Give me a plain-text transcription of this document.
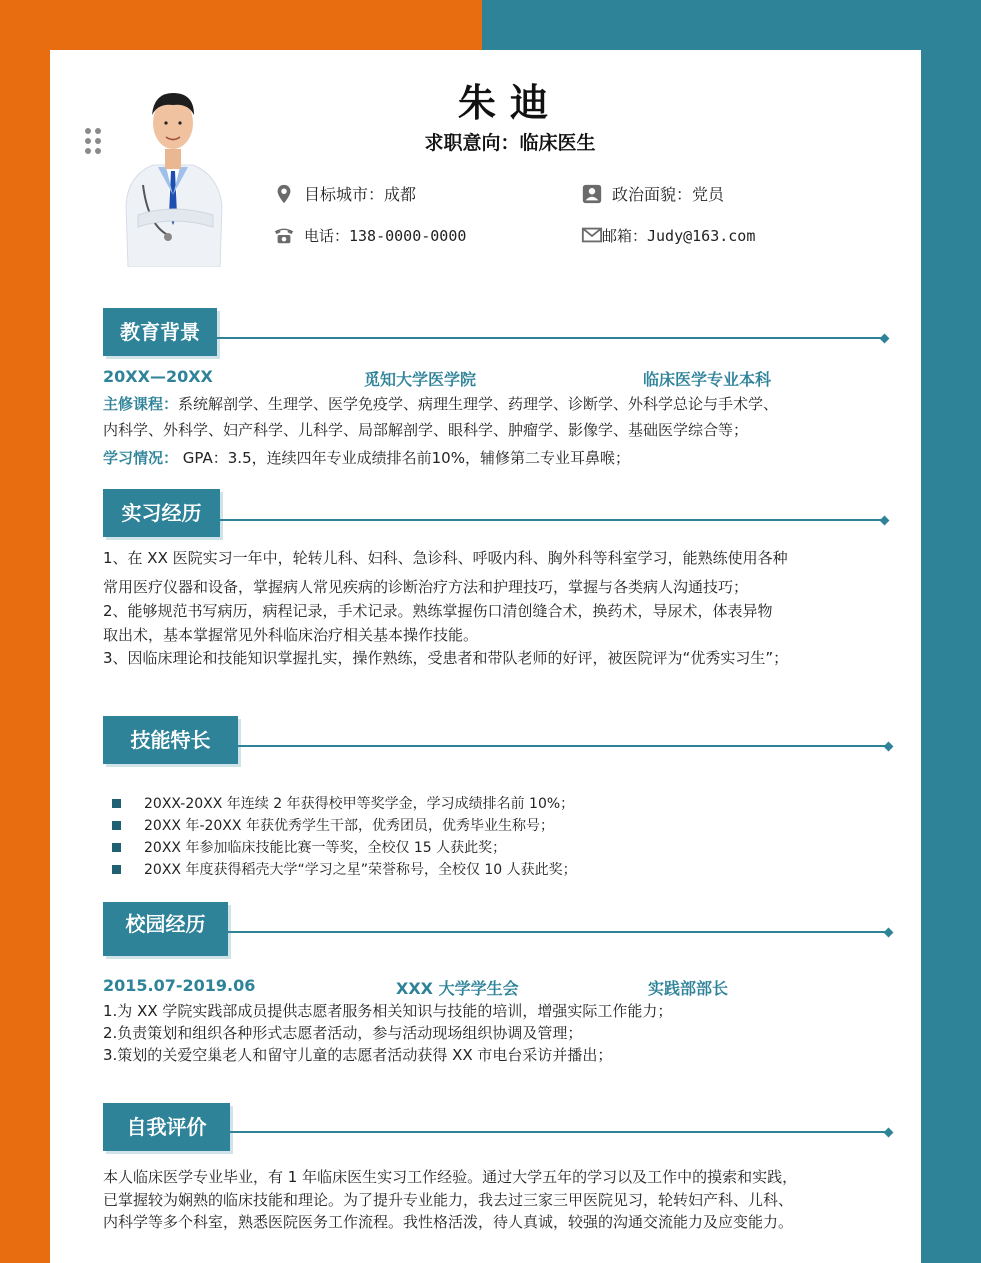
朱迪
求职意向：临床医生
目标城市：成都	政治面貌：党员
电话：138-0000-0000	邮箱：Judy@163.com
教育背景
20XX—20XX	觅知大学医学院	临床医学专业本科
主修课程：系统解剖学、生理学、医学免疫学、病理生理学、药理学、诊断学、外科学总论与手术学、
内科学、外科学、妇产科学、儿科学、局部解剖学、眼科学、肿瘤学、影像学、基础医学综合等；
学习情况： GPA：3.5，连续四年专业成绩排名前10%，辅修第二专业耳鼻喉；
实习经历
1、在 XX 医院实习一年中，轮转儿科、妇科、急诊科、呼吸内科、胸外科等科室学习，能熟练使用各种
常用医疗仪器和设备，掌握病人常见疾病的诊断治疗方法和护理技巧，掌握与各类病人沟通技巧；
2、能够规范书写病历，病程记录，手术记录。熟练掌握伤口清创缝合术，换药术，导尿术，体表异物
取出术，基本掌握常见外科临床治疗相关基本操作技能。
3、因临床理论和技能知识掌握扎实，操作熟练，受患者和带队老师的好评，被医院评为“优秀实习生”；
技能特长
20XX-20XX 年连续 2 年获得校甲等奖学金，学习成绩排名前 10%；
20XX 年-20XX 年获优秀学生干部，优秀团员，优秀毕业生称号；
20XX 年参加临床技能比赛一等奖，全校仅 15 人获此奖；
20XX 年度获得稻壳大学“学习之星”荣誉称号，全校仅 10 人获此奖；
校园经历
2015.07-2019.06	XXX 大学学生会	实践部部长
1.为 XX 学院实践部成员提供志愿者服务相关知识与技能的培训，增强实际工作能力；
2.负责策划和组织各种形式志愿者活动，参与活动现场组织协调及管理；
3.策划的关爱空巢老人和留守儿童的志愿者活动获得 XX 市电台采访并播出；
自我评价
本人临床医学专业毕业，有 1 年临床医生实习工作经验。通过大学五年的学习以及工作中的摸索和实践，
已掌握较为娴熟的临床技能和理论。为了提升专业能力，我去过三家三甲医院见习，轮转妇产科、儿科、
内科学等多个科室，熟悉医院医务工作流程。我性格活泼，待人真诚，较强的沟通交流能力及应变能力。
